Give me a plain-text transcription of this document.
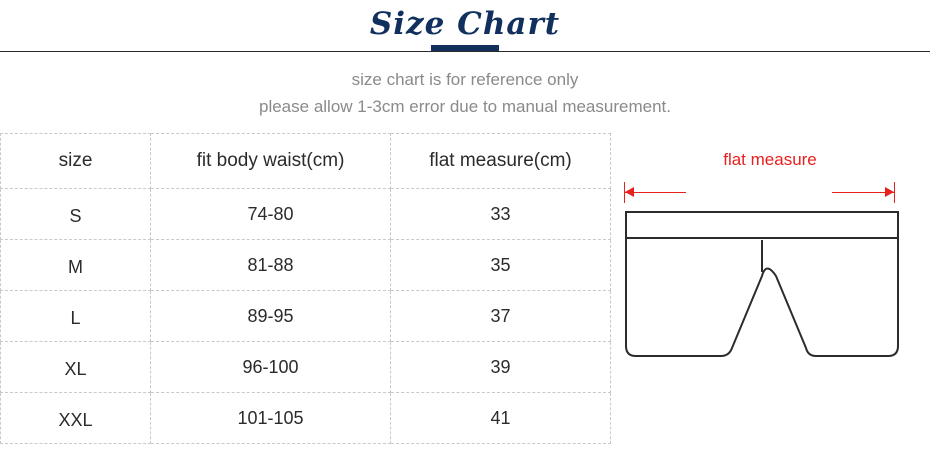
Size Chart
size chart is for reference only
please allow 1-3cm error due to manual measurement.
size	fit body waist(cm)	flat measure(cm)
S	74-80	33
M	81-88	35
L	89-95	37
XL	96-100	39
XXL	101-105	41
flat measure
